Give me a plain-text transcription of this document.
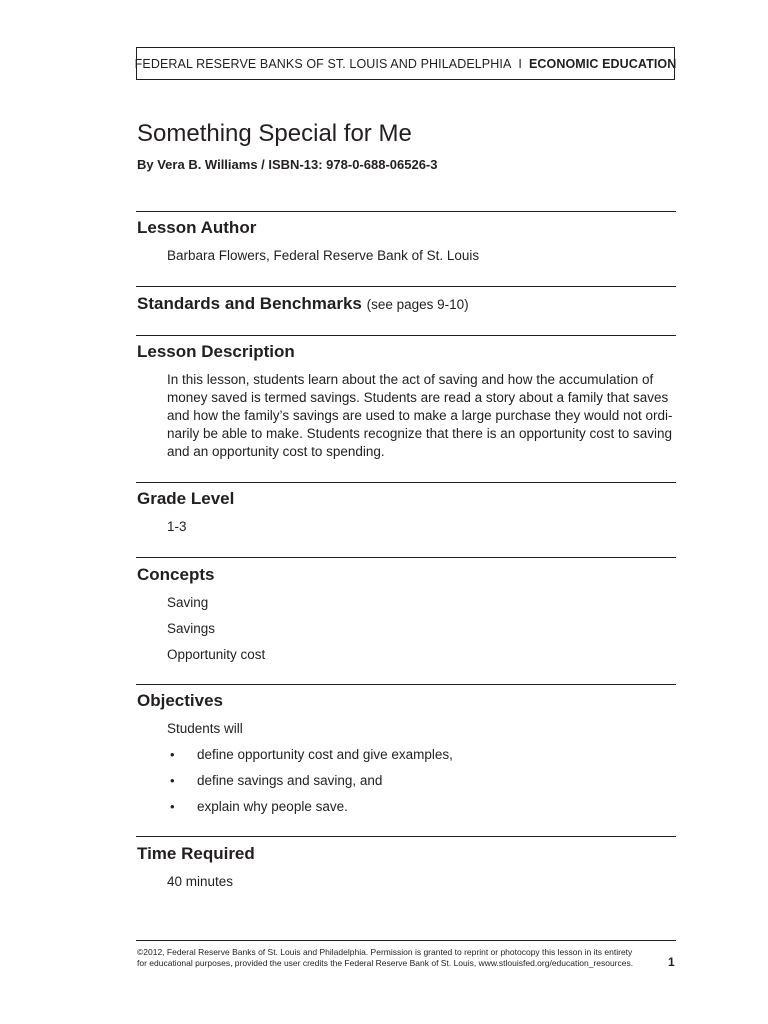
FEDERAL RESERVE BANKS OF ST. LOUIS AND PHILADELPHIA I ECONOMIC EDUCATION
Something Special for Me
By Vera B. Williams / ISBN-13: 978-0-688-06526-3
Lesson Author
Barbara Flowers, Federal Reserve Bank of St. Louis
Standards and Benchmarks (see pages 9-10)
Lesson Description
In this lesson, students learn about the act of saving and how the accumulation of
money saved is termed savings. Students are read a story about a family that saves
and how the family’s savings are used to make a large purchase they would not ordi-
narily be able to make. Students recognize that there is an opportunity cost to saving
and an opportunity cost to spending.
Grade Level
1-3
Concepts
Saving
Savings
Opportunity cost
Objectives
Students will
• define opportunity cost and give examples,
• define savings and saving, and
• explain why people save.
Time Required
40 minutes
©2012, Federal Reserve Banks of St. Louis and Philadelphia. Permission is granted to reprint or photocopy this lesson in its entirety
for educational purposes, provided the user credits the Federal Reserve Bank of St. Louis, www.stlouisfed.org/education_resources.	1
